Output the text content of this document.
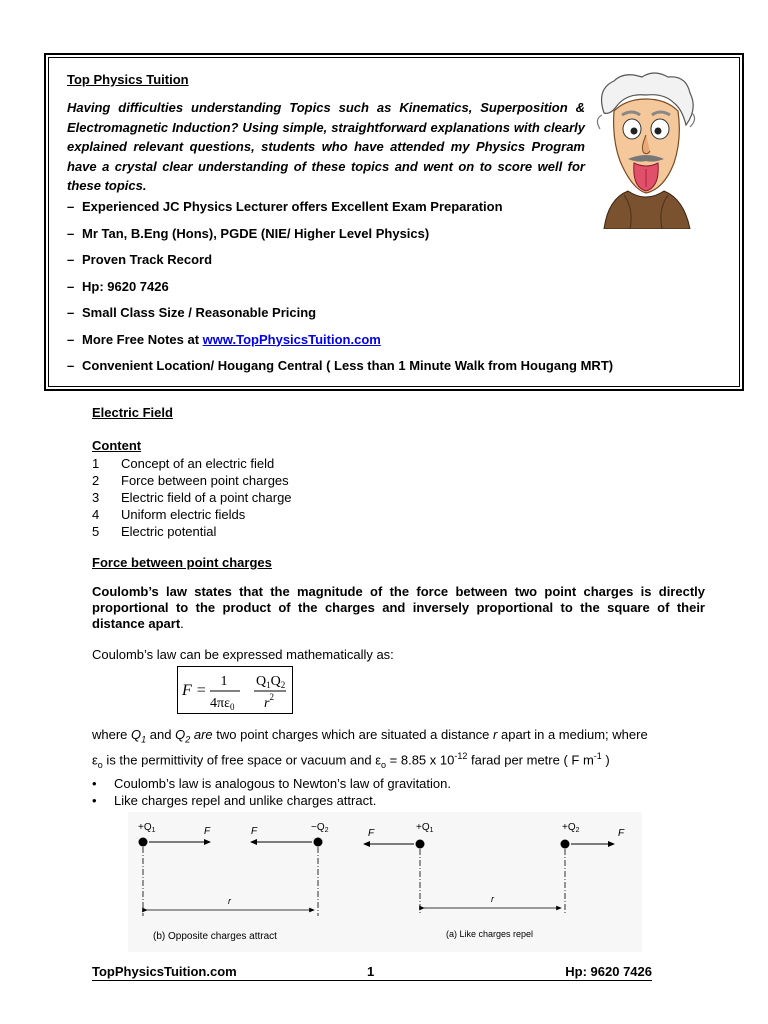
Top Physics Tuition
Having difficulties understanding Topics such as Kinematics, Superposition & Electromagnetic Induction? Using simple, straightforward explanations with clearly explained relevant questions, students who have attended my Physics Program have a crystal clear understanding of these topics and went on to score well for these topics.
– Experienced JC Physics Lecturer offers Excellent Exam Preparation
– Mr Tan, B.Eng (Hons), PGDE (NIE/ Higher Level Physics)
– Proven Track Record
– Hp: 9620 7426
– Small Class Size / Reasonable Pricing
– More Free Notes at www.TopPhysicsTuition.com
– Convenient Location/ Hougang Central ( Less than 1 Minute Walk from Hougang MRT)
Electric Field
Content
1 Concept of an electric field
2 Force between point charges
3 Electric field of a point charge
4 Uniform electric fields
5 Electric potential
Force between point charges
Coulomb’s law states that the magnitude of the force between two point charges is directly proportional to the product of the charges and inversely proportional to the square of their distance apart.
Coulomb’s law can be expressed mathematically as:
F =
1
$4\pi\varepsilon_0$
$Q_1Q_2$
$r^2$
where $Q_1$ and $Q_2$ are two point charges which are situated a distance r apart in a medium; where
$\varepsilon_o$ is the permittivity of free space or vacuum and $\varepsilon_o = 8.85$ x $10^{-12}$ farad per metre ( F $m^{-1}$ )
• Coulomb’s law is analogous to Newton’s law of gravitation.
• Like charges repel and unlike charges attract.
$+Q_1$	$-Q_2$
F	F
r
(b) Opposite charges attract
$+Q_1$	$+Q_2$
F	F
r
(a) Like charges repel
TopPhysicsTuition.com	1	Hp: 9620 7426
